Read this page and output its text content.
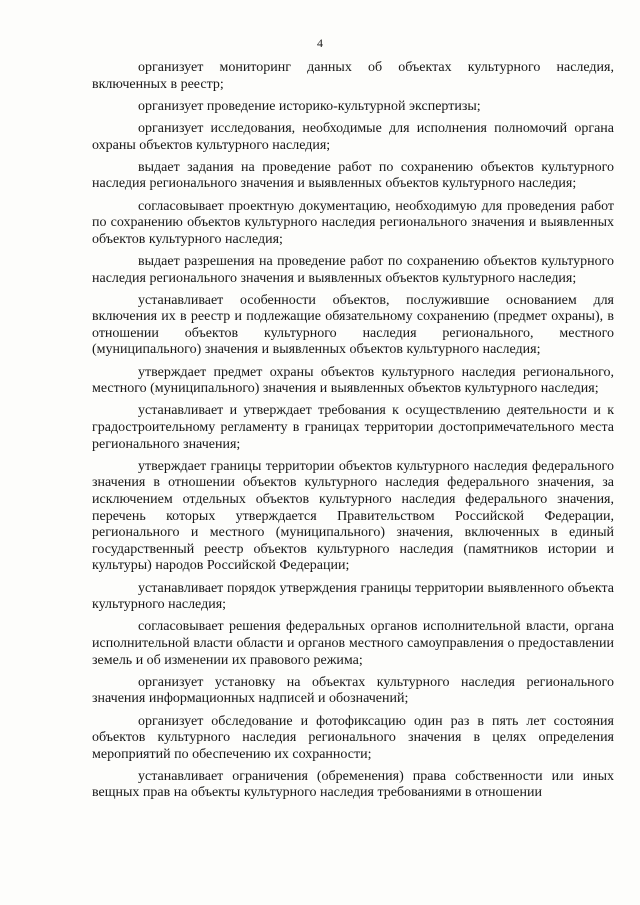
4

организует мониторинг данных об объектах культурного наследия, включенных в реестр;

организует проведение историко-культурной экспертизы;

организует исследования, необходимые для исполнения полномочий органа охраны объектов культурного наследия;

выдает задания на проведение работ по сохранению объектов культурного наследия регионального значения и выявленных объектов культурного наследия;

согласовывает проектную документацию, необходимую для проведения работ по сохранению объектов культурного наследия регионального значения и выявленных объектов культурного наследия;

выдает разрешения на проведение работ по сохранению объектов культурного наследия регионального значения и выявленных объектов культурного наследия;

устанавливает особенности объектов, послужившие основанием для включения их в реестр и подлежащие обязательному сохранению (предмет охраны), в отношении объектов культурного наследия регионального, местного (муниципального) значения и выявленных объектов культурного наследия;

утверждает предмет охраны объектов культурного наследия регионального, местного (муниципального) значения и выявленных объектов культурного наследия;

устанавливает и утверждает требования к осуществлению деятельности и к градостроительному регламенту в границах территории достопримечательного места регионального значения;

утверждает границы территории объектов культурного наследия федерального значения в отношении объектов культурного наследия федерального значения, за исключением отдельных объектов культурного наследия федерального значения, перечень которых утверждается Правительством Российской Федерации, регионального и местного (муниципального) значения, включенных в единый государственный реестр объектов культурного наследия (памятников истории и культуры) народов Российской Федерации;

устанавливает порядок утверждения границы территории выявленного объекта культурного наследия;

согласовывает решения федеральных органов исполнительной власти, органа исполнительной власти области и органов местного самоуправления о предоставлении земель и об изменении их правового режима;

организует установку на объектах культурного наследия регионального значения информационных надписей и обозначений;

организует обследование и фотофиксацию один раз в пять лет состояния объектов культурного наследия регионального значения в целях определения мероприятий по обеспечению их сохранности;

устанавливает ограничения (обременения) права собственности или иных вещных прав на объекты культурного наследия требованиями в отношении
